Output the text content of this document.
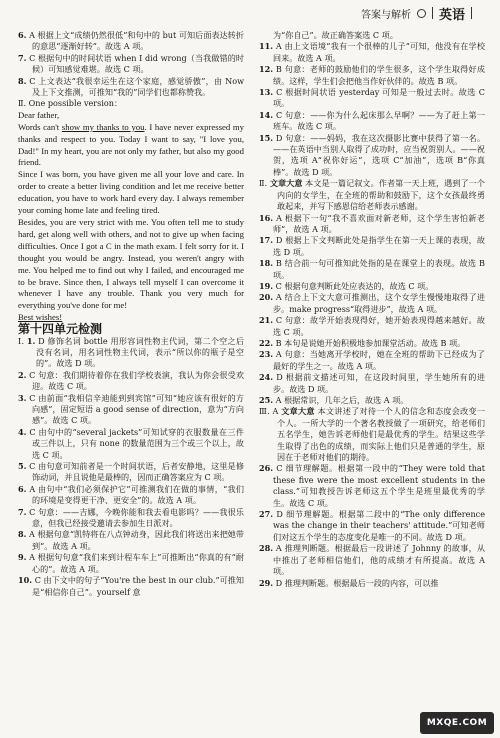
答案与解析 英语

6. A 根据上文“成绩仍然很低”和句中的 but 可知后面表达转折的意思“逐渐好转”。故选 A 项。

7. C 根据句中的时间状语 when I did wrong（当我做错的时候）可知感觉难堪。故选 C 项。

8. C 上文表达“我很幸运生在这个家庭，感觉骄傲”，由 Now 及上下文推测，可推知“我的”同学们也都称赞我。

Ⅱ. One possible version：

Dear father,

Words can't show my thanks to you. I have never expressed my thanks and respect to you. Today I want to say, "I love you, Dad!" In my heart, you are not only my father, but also my good friend.

Since I was born, you have given me all your love and care. In order to create a better living condition and let me receive better education, you have to work hard every day. I always remember your coming home late and feeling tired.

Besides, you are very strict with me. You often tell me to study hard, get along well with others, and not to give up when facing difficulties. Once I got a C in the math exam. I felt sorry for it. I thought you would be angry. Instead, you weren't angry with me. You helped me to find out why I failed, and encouraged me to be brave. Since then, I always tell myself I can overcome it whenever I have any trouble. Thank you very much for everything you've done for me!

Best wishes!

第十四单元检测

Ⅰ. 1. D 修饰名词 bottle 用形容词性物主代词，第二个空之后没有名词，用名词性物主代词，表示“所以你的瓶子是空的”。故选 D 项。

2. C 句意：我们期待着你在我们学校表演，我认为你会很受欢迎。故选 C 项。

3. C 由前面“我相信辛迪能到到宾馆”可知“她应该有很好的方向感”，固定短语 a good sense of direction，意为“方向感”。故选 C 项。

4. C 由句中的“several jackets”可知试穿的衣服数量在三件或三件以上，只有 none 的数量范围为三个或三个以上，故选 C 项。

5. C 由句意可知前者是一个时间状语，后者安静地，这里是修饰动词，并且说他是最棒的，因而正确答案应为 C 项。

6. A 由句中“我们必须保护它”可推测我们在做的事情，“我们的环境是变得更干净、更安全”的。故选 A 项。

7. C 句意：——吉娜，今晚你能和我去看电影吗？——我很乐意，但我已经接受邀请去参加生日派对。

8. A 根据句意“凯特将在八点钟动身，因此我们将送出来把她带到”。故选 A 项。

9. A 根据句句意“我们来到计程车车上”可推断出“你真的有“耐心的”。故选 A 项。

10. C 由下文中的句子“You're the best in our club.”可推知是“相信你自己”。yourself 意

为“你自己”。故正确答案选 C 项。

11. A 由上文语境“我有一个很棒的儿子”可知，他没有在学校回来。故选 A 项。

12. B 句意：老师的鼓励他们的学生很多，这个学生取得好成绩。这样，学生们会把他当作好伙伴的。故选 B 项。

13. C 根据时间状语 yesterday 可知是一般过去时。故选 C 项。

14. C 句意：——你为什么起床那么早啊？——为了赶上第一班车。故选 C 项。

15. D 句意：——妈妈，我在这次摄影比赛中获得了第一名。——在英语中当别人取得了成功时，应当祝贺别人。——祝贺，选项 A“祝你好运”，选项 C“加油”，选项 B“你真棒”。故选 D 项。

Ⅱ. 文章大意 本文是一篇记叙文。作者第一天上班，遇到了一个内向的女学生，在全班的帮助和鼓励下，这个女孩最终勇敢起来，并写下感恩信给老师表示感谢。

16. A 根据下一句“我不喜欢面对新老师，这个学生害怕新老师”，故选 A 项。

17. D 根据上下文判断此处是指学生在第一天上课的表现，故选 D 项。

18. B 结合前一句可推知此处指的是在课堂上的表现。故选 B 项。

19. C 根据句意判断此处应表达的，故选 C 项。

20. A 结合上下文大意可推测出，这个女学生慢慢地取得了进步。make progress“取得进步”，故选 A 项。

21. C 句意：故学开始表现得好，她开始表现得越来越好。故选 C 项。

22. B 本句是说她开始积极地参加课堂活动。故选 B 项。

23. A 句意：当她离开学校时，她在全班的帮助下已经成为了最好的学生之一。故选 A 项。

24. D 根据前文描述可知，在这段时间里，学生她所有的进步。故选 D 项。

25. A 根据常识，几年之后，故选 A 项。

Ⅲ. A 文章大意 本文讲述了对待一个人的信念和态度会改变一个人。一所大学的一个著名教授做了一项研究，给老师们五名学生，她告诉老师他们是最优秀的学生。结果这些学生取得了出色的成绩，而实际上他们只是普通的学生，原因在于老师对他们的期待。

26. C 细节理解题。根据第一段中的“They were told that these five were the most excellent students in the class.”可知教授告诉老师这五个学生是班里最优秀的学生。故选 C 项。

27. D 细节理解题。根据第二段中的“The only difference was the change in their teachers' attitude.”可知老师们对这五个学生的态度变化是唯一的不同。故选 D 项。

28. A 推理判断题。根据最后一段讲述了 Johnny 的故事，从中推出了老师相信他们，他的成绩才有所提高。故选 A 项。

29. D 推理判断题。根据最后一段的内容，可以推

MXQE.COM
